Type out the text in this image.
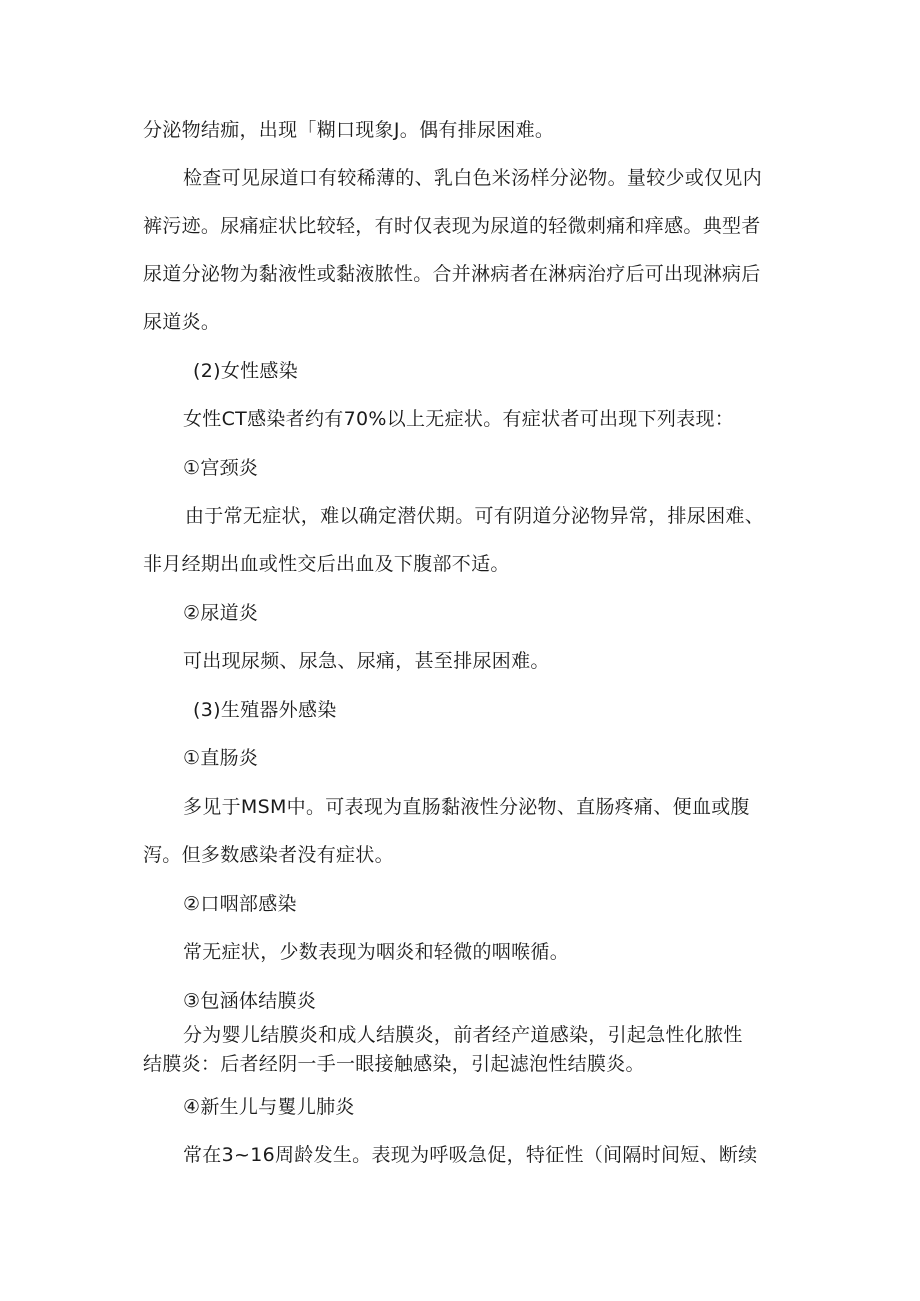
分泌物结痂，出现「糊口现象J。偶有排尿困难。

检查可见尿道口有较稀薄的、乳白色米汤样分泌物。量较少或仅见内

裤污迹。尿痛症状比较轻，有时仅表现为尿道的轻微刺痛和痒感。典型者

尿道分泌物为黏液性或黏液脓性。合并淋病者在淋病治疗后可出现淋病后

尿道炎。

(2)女性感染

女性CT感染者约有70%以上无症状。有症状者可出现下列表现：

①宫颈炎

由于常无症状，难以确定潜伏期。可有阴道分泌物异常，排尿困难、

非月经期出血或性交后出血及下腹部不适。

②尿道炎

可出现尿频、尿急、尿痛，甚至排尿困难。

(3)生殖器外感染

①直肠炎

多见于MSM中。可表现为直肠黏液性分泌物、直肠疼痛、便血或腹

泻。但多数感染者没有症状。

②口咽部感染

常无症状，少数表现为咽炎和轻微的咽喉循。

③包涵体结膜炎

分为婴儿结膜炎和成人结膜炎，前者经产道感染，引起急性化脓性

结膜炎：后者经阴一手一眼接触感染，引起滤泡性结膜炎。

④新生儿与矍儿肺炎

常在3~16周龄发生。表现为呼吸急促，特征性（间隔时间短、断续
